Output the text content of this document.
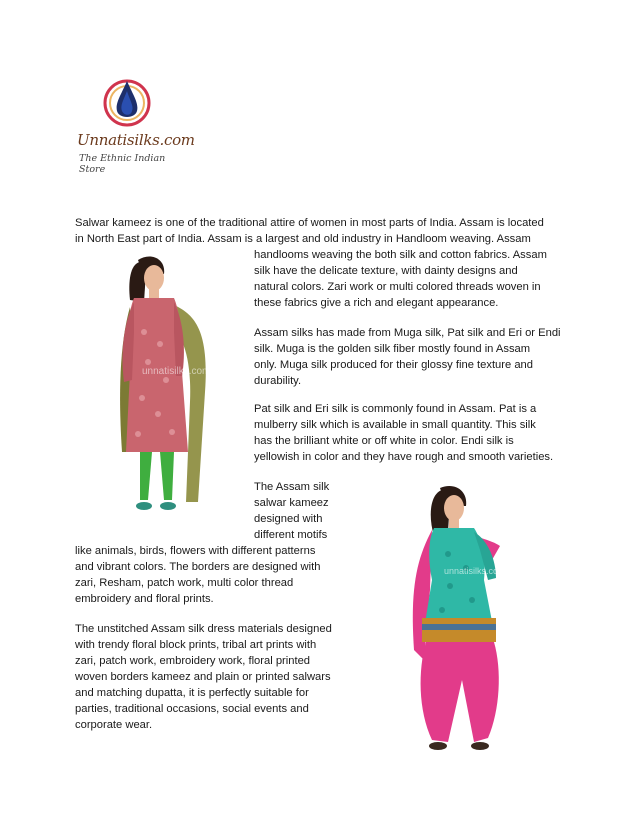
Unnatisilks.com
The Ethnic Indian Store
Salwar kameez is one of the traditional attire of women in most parts of India. Assam is located
in North East part of India. Assam is a largest and old industry in Handloom weaving. Assam
handlooms weaving the both silk and cotton fabrics. Assam
silk have the delicate texture, with dainty designs and
natural colors. Zari work or multi colored threads woven in
these fabrics give a rich and elegant appearance.
Assam silks has made from Muga silk, Pat silk and Eri or Endi
silk. Muga is the golden silk fiber mostly found in Assam
only. Muga silk produced for their glossy fine texture and
durability.
Pat silk and Eri silk is commonly found in Assam. Pat is a
mulberry silk which is available in small quantity. This silk
has the brilliant white or off white in color. Endi silk is
yellowish in color and they have rough and smooth varieties.
The Assam silk
salwar kameez
designed with
different motifs
like animals, birds, flowers with different patterns
and vibrant colors. The borders are designed with
zari, Resham, patch work, multi color thread
embroidery and floral prints.
The unstitched Assam silk dress materials designed
with trendy floral block prints, tribal art prints with
zari, patch work, embroidery work, floral printed
woven borders kameez and plain or printed salwars
and matching dupatta, it is perfectly suitable for
parties, traditional occasions, social events and
corporate wear.
unnatisilks.com
unnatisilks.com
